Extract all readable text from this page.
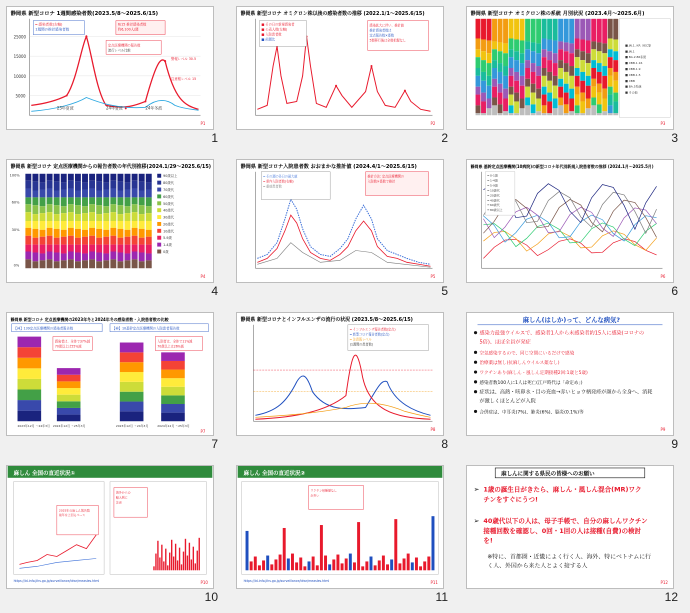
静岡県 新型コロナ 1週間感染者数(2023.5/8～2025.6/15)
25000
15000
10000
5000
━ 感染者数(左軸)
1週間の推計感染者数
6/15 推計感染者数
約6,100人/週
定点医療機関の報告数
流行レベル比較
警報レベル 30.5
注意報レベル 15
23年夏波	24年夏波	24年冬波
P1
1
静岡県 新型コロナ オミクロン株以後の感染者数の推移 (2022.1/1～2025.6/15)
■ その日の新規感染者
■ 公表人数(左軸)
■ 入院患者数
■ 前週比
感染拡大に伴い、推計値
推計感染者数は
定点報告数×係数
5類移行後は全数把握なし
P2
2
静岡県 新型コロナ オミクロン株の系統 月別状況 (2023.4月～2025.6月)
■ JN.1, KP, XEC等
■ JN.1
■ BA.2.86系統
■ XBB.1.16
■ XBB.1.9
■ XBB.1.5
■ XBB
■ BA.5系統
■ その他
P3
3
静岡県 新型コロナ 定点医療機関からの報告者数の年代別推移(2024.1/29～2025.6/15)
100%
60%
30%
0%
90歳以上
80歳代
70歳代
60歳代
50歳代
40歳代
30歳代
20歳代
10歳代
5-9歳
1-4歳
0歳
P4
4
静岡県 新型コロナ入院患者数 おおまかな推計値 (2024.4/1～2025.6/15)
━ その週の各日の最大値
━ 県内入院者数(右軸)
━ 重症患者数
推計方法: 定点医療機関の
入院数×係数で推計
P5
5
静岡県 基幹定点医療機関(10病院)の新型コロナ年代別新規入院患者数の推移 (2024.1月～2025.5月)
━ 0-1歳
━ 1-4歳
━ 5-9歳
━ 10歳代
━ 20歳代
━ 40歳代
━ 60歳代
━ 80歳以上
P6
6
静岡県 新型コロナ 定点医療機関の2023年冬と2024年冬の感染者数・入院患者数の比較
【神】139定点医療機関の感染者報告数	【神】10基幹定点医療機関の入院患者報告数
感染者は、全体で37%減
70歳以上は55%減
入院者は、全体で11%減
70歳以上は26%減
2023年12月 ～24年3月 2024年12月 ～25年3月	2023年12月 ～24年3月	2024年12月 ～25年3月
P7
7
静岡県 新型コロナとインフルエンザの流行の状況 (2023.5/8～2025.6/15)
━ インフルエンザ報告者数(定点)
━ 新型コロナ報告者数(定点)
━ 注意報レベル
(1週間の患者数)
P8
8
麻しん(はしか)って、どんな病気?
感染力最強ウイルスで、感染者1人から未感染者約15人に感染(コロナの 5倍)、ほぼ全員が発症
空気感染するので、同じ空間にいるだけで感染
治療薬は無し(抗麻しんウイルス薬なし)
ワクチンあり(麻しん・風しん定期接種2回:1歳と5歳)
感染者数100人に1人は死亡(江戸時代は「命定め」)
症状は、高熱・咳鼻水・目の充血→赤いヒョウ柄発疹が顔から全身へ、消耗が激しくほとんどが入院
合併症は、中耳炎(7%)、肺炎(6%)、脳炎(0.1%)等
P9
9
麻しん 全国の直近状況①
2025年の麻しん報告数
前年を上回るペース
海外からの
輸入例に
注意
https://id-info.jihs.go.jp/surveillance/idwr/measles.html	P10
10
麻しん 全国の直近状況②
ワクチン接種歴なし
が多い
https://id-info.jihs.go.jp/surveillance/idwr/measles.html	P11
11
麻しんに関する県民の皆様へのお願い
➢ 1歳の誕生日がきたら、麻しん・風しん混合(MR)ワクチンをすぐにうつ!
➢ 40歳代以下の人は、母子手帳で、自分の麻しんワクチン接種回数を確認し、0回・1回の人は接種(自費)の検討を!
※特に、首都圏・近畿によく行く人、海外、特にベトナムに行く人、外国から来た人とよく接する人
P12
12
